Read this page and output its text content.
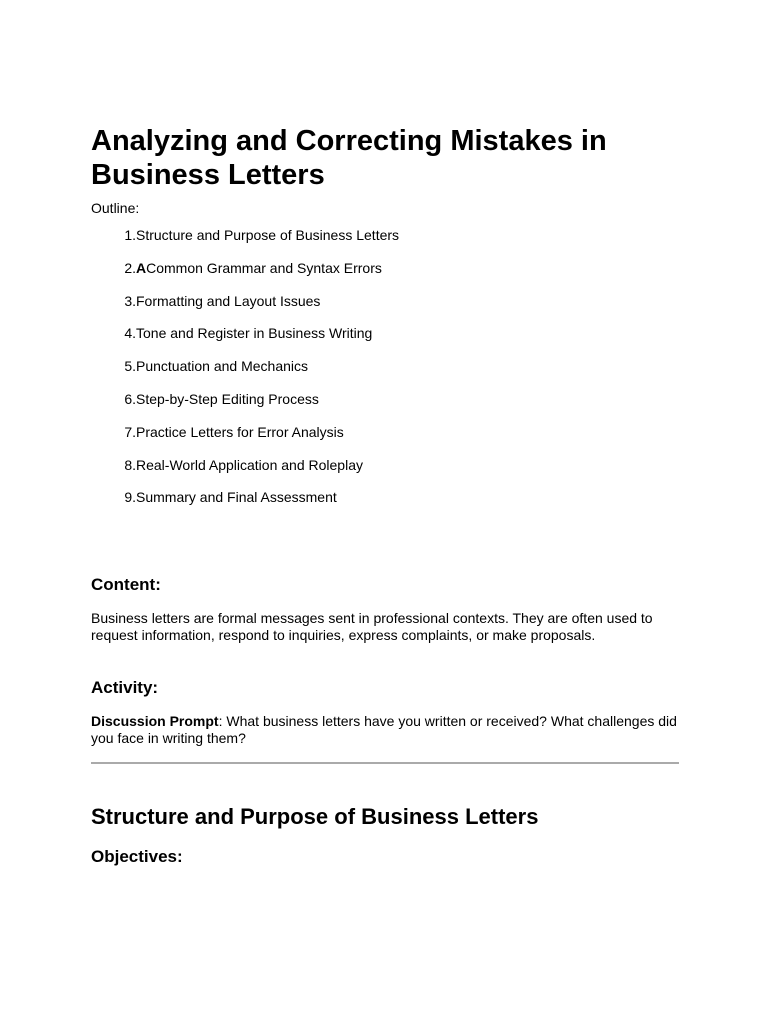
Analyzing and Correcting Mistakes in Business Letters

Outline:

1. Structure and Purpose of Business Letters
2. ACommon Grammar and Syntax Errors
3. Formatting and Layout Issues
4. Tone and Register in Business Writing
5. Punctuation and Mechanics
6. Step-by-Step Editing Process
7. Practice Letters for Error Analysis
8. Real-World Application and Roleplay
9. Summary and Final Assessment
Content:

Business letters are formal messages sent in professional contexts. They are often used to request information, respond to inquiries, express complaints, or make proposals.

Activity:

Discussion Prompt: What business letters have you written or received? What challenges did you face in writing them?

Structure and Purpose of Business Letters
Objectives:
